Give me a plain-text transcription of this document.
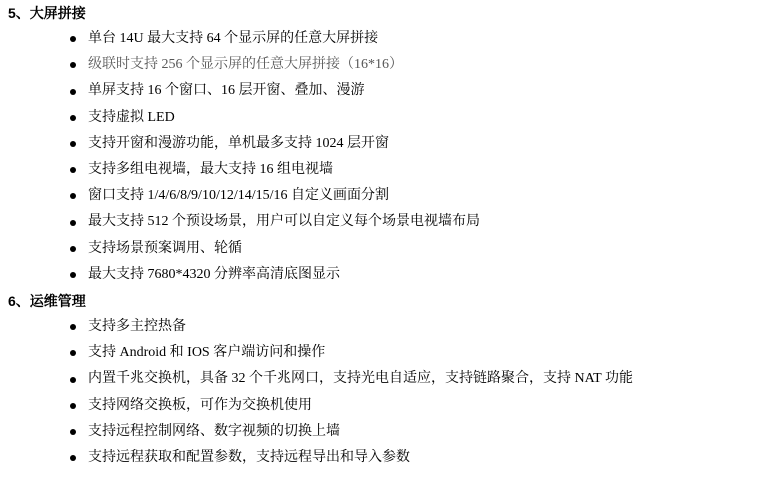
5、大屏拼接
单台 14U 最大支持 64 个显示屏的任意大屏拼接
级联时支持 256 个显示屏的任意大屏拼接（16*16）
单屏支持 16 个窗口、16 层开窗、叠加、漫游
支持虚拟 LED
支持开窗和漫游功能，单机最多支持 1024 层开窗
支持多组电视墙，最大支持 16 组电视墙
窗口支持 1/4/6/8/9/10/12/14/15/16 自定义画面分割
最大支持 512 个预设场景，用户可以自定义每个场景电视墙布局
支持场景预案调用、轮循
最大支持 7680*4320 分辨率高清底图显示
6、运维管理
支持多主控热备
支持 Android 和 IOS 客户端访问和操作
内置千兆交换机，具备 32 个千兆网口，支持光电自适应，支持链路聚合，支持 NAT 功能
支持网络交换板，可作为交换机使用
支持远程控制网络、数字视频的切换上墙
支持远程获取和配置参数，支持远程导出和导入参数
